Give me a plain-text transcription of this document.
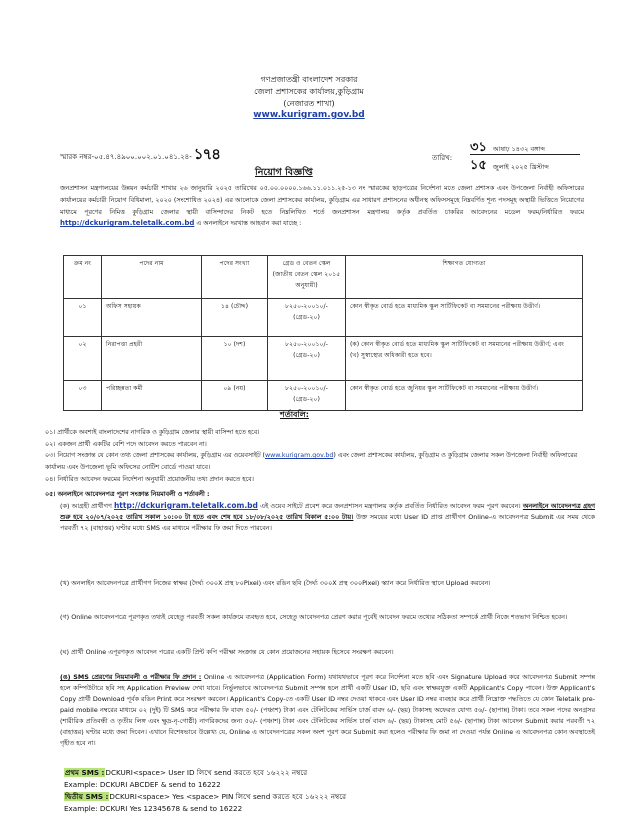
গণপ্রজাতন্ত্রী বাংলাদেশ সরকার
জেলা প্রশাসকের কার্যালয়,কুড়িগ্রাম
(নেজারত শাখা)
www.kurigram.gov.bd
স্মারক নম্বর-০৫.৪৭.৪৯০০.০০২.০১.০৪১.২৪- ১৭৪	তারিখ:
৩১ আষাঢ় ১৪৩২ বঙ্গাব্দ
১৫ জুলাই ২০২৫ খ্রিস্টাব্দ
নিয়োগ বিজ্ঞপ্তি
জনপ্রশাসন মন্ত্রণালয়ের উন্নয়ন কর্মচারী শাখার ২৬ জানুয়ারি ২০২৫ তারিখের ০৫.০০.০০০০.১৬৬.১১.০১১.২৫-১৩ নং স্মারকের ছাড়পত্রের নির্দেশনা মতে জেলা প্রশাসক এবং উপজেলা নির্বাহী অফিসারের কার্যালয়ের কর্মচারী নিয়োগ বিধিমালা, ২০২০ (সংশোধিত ২০২৪) এর আলোকে জেলা প্রশাসকের কার্যালয়, কুড়িগ্রাম এর সাধারণ প্রশাসনের অধীনস্থ অফিসসমূহে নিম্নবর্ণিত শূন্য পদসমূহ অস্থায়ী ভিত্তিতে নিয়োগের মাধ্যমে পূরণের নিমিত্ত কুড়িগ্রাম জেলার স্থায়ী বাসিন্দাদের নিকট হতে নিম্নলিখিত শর্তে জনপ্রশাসন মন্ত্রণালয় কর্তৃক প্রবর্তিত চাকরির আবেদনের মডেল ফরম/নির্ধারিত ফরমে http://dckurigram.teletalk.com.bd এ অনলাইনে দরখাস্ত আহবান করা যাচ্ছে :
ক্রম নং	পদের নাম	পদের সংখ্যা	গ্রেড ও বেতন স্কেল (জাতীয় বেতন স্কেল ২০১৫ অনুযায়ী)	শিক্ষাগত যোগ্যতা
০১	অফিস সহায়ক	১৪ (চৌদ্দ)	৮২৫০-২০০১০/- (গ্রেড-২০)	কোন স্বীকৃত বোর্ড হতে মাধ্যমিক স্কুল সার্টিফিকেট বা সমমানের পরীক্ষায় উত্তীর্ণ।
০২	নিরাপত্তা প্রহরী	১০ (দশ)	৮২৫০-২০০১০/- (গ্রেড-২০)	(ক) কোন স্বীকৃত বোর্ড হতে মাধ্যমিক স্কুল সার্টিফিকেট বা সমমানের পরীক্ষায় উত্তীর্ণ; এবং
(খ) সুস্বাস্থ্যের অধিকারী হতে হবে।

০৩	পরিচ্ছন্নতা কর্মী	০৯ (নয়)	৮২৫০-২০০১০/- (গ্রেড-২০)	কোন স্বীকৃত বোর্ড হতে জুনিয়র স্কুল সার্টিফিকেট বা সমমানের পরীক্ষায় উত্তীর্ণ।
শর্তাবলি:
০১। প্রার্থীকে অবশ্যই বাংলাদেশের নাগরিক ও কুড়িগ্রাম জেলার স্থায়ী বাসিন্দা হতে হবে।
০২। একজন প্রার্থী একটির বেশি পদে আবেদন করতে পারবেন না।
০৩। নিয়োগ সংক্রান্ত যে কোন তথ্য জেলা প্রশাসকের কার্যালয়, কুড়িগ্রাম এর ওয়েবসাইট (www.kurigram.gov.bd) এবং জেলা প্রশাসকের কার্যালয়, কুড়িগ্রাম ও কুড়িগ্রাম জেলার সকল উপজেলা নির্বাহী অফিসারের কার্যালয় এবং উপজেলা ভূমি অফিসের নোটিশ বোর্ডে পাওয়া যাবে।
০৪। নির্ধারিত আবেদন ফরমের নির্দেশনা অনুযায়ী প্রয়োজনীয় তথ্য প্রদান করতে হবে।
০৫। অনলাইনে আবেদনপত্র পূরণ সংক্রান্ত নিয়মাবলী ও শর্তাবলী :
(ক) আগ্রহী প্রার্থীগণ http://dckurigram.teletalk.com.bd এই ওয়েব সাইটে প্রবেশ করে জনপ্রশাসন মন্ত্রণালয় কর্তৃক প্রবর্তিত নির্ধারিত আবেদন ফরম পূরণ করবেন। অনলাইনে আবেদনপত্র গ্রহণ শুরু হবে ২০/০৭/২০২৫ তারিখ সকাল ১০:০০ টা হতে এবং শেষ হবে ১৮/০৮/২০২৫ তারিখ বিকাল ৫:০০ টায়। উক্ত সময়ের মধ্যে User ID প্রাপ্ত প্রার্থীগণ Online-এ আবেদনপত্র Submit এর সময় থেকে পরবর্তী ৭২ (বাহাত্তর) ঘণ্টার মধ্যে SMS এর মাধ্যমে পরীক্ষার ফি জমা দিতে পারবেন।
(খ) অনলাইন আবেদনপত্রে প্রার্থীগণ নিজের স্বাক্ষর (দৈর্ঘ্য ৩০০X প্রস্থ ৮০Pixel) এবং রঙিন ছবি (দৈর্ঘ্য ৩০০X প্রস্থ ৩০০Pixel) স্ক্যান করে নির্ধারিত স্থানে Upload করবেন।
(গ) Online আবেদনপত্রে পূরণকৃত তথ্যই যেহেতু পরবর্তী সকল কার্যক্রমে ব্যবহৃত হবে, সেহেতু আবেদনপত্র প্রেরণ করার পূর্বেই আবেদন ফরমে তথ্যের সঠিকতা সম্পর্কে প্রার্থী নিজে শতভাগ নিশ্চিত হবেন।
(ঘ) প্রার্থী Online এপূরণকৃত আবেদন পত্রের একটি প্রিন্ট কপি পরীক্ষা সংক্রান্ত যে কোন প্রয়োজনের সহায়ক হিসেবে সংরক্ষণ করবেন।
(ঙ) SMS প্রেরণের নিয়মাবলী ও পরীক্ষার ফি প্রদান : Online এ আবেদনপত্র (Application Form) যথাযথভাবে পূরণ করে নির্দেশনা মতে ছবি এবং Signature Upload করে আবেদনপত্র Submit সম্পন্ন হলে কম্পিউটারে ছবি সহ Application Preview দেখা যাবে। নির্ভুলভাবে আবেদনপত্র Submit সম্পন্ন হলে প্রার্থী একটি User ID, ছবি এবং স্বাক্ষরযুক্ত একটি Applicant's Copy পাবেন। উক্ত Applicant's Copy প্রার্থী Download পূর্বক রঙিন Print করে সংরক্ষণ করবেন। Applicant's Copy-তে একটি User ID নম্বর দেওয়া থাকবে এবং User ID নম্বর ব্যবহার করে প্রার্থী নিম্নোক্ত পদ্ধতিতে যে কোন Teletalk pre-paid mobile নম্বরের মাধ্যমে ০২ (দুই) টি SMS করে পরীক্ষার ফি বাবদ ৫০/- (পঞ্চাশ) টাকা এবং টেলিটকের সার্ভিস চার্জ বাবদ ৬/- (ছয়) টাকাসহ অফেরত যোগ্য ৫৬/- (ছাপান্ন) টাকা। তবে সকল পদের অনগ্রসর (শারীরিক প্রতিবন্ধী ও তৃতীয় লিঙ্গ এবং ক্ষুদ্র-নৃ-গোষ্ঠী) নাগরিকদের জন্য ৫০/- (পঞ্চাশ) টাকা এবং টেলিটকের সার্ভিস চার্জ বাবদ ৬/- (ছয়) টাকাসহ মোট ৫৬/- (ছাপান্ন) টাকা আবেদন Submit করার পরবর্তী ৭২ (বাহাত্তর) ঘণ্টার মধ্যে জমা দিবেন। এখানে বিশেষভাবে উল্লেখ্য যে, Online এ আবেদনপত্রের সকল অংশ পূরণ করে Submit করা হলেও পরীক্ষার ফি জমা না দেওয়া পর্যন্ত Online এ আবেদনপত্র কোন অবস্থাতেই গৃহীত হবে না।
প্রথম SMS :DCKURI<space> User ID লিখে send করতে হবে ১৬২২২ নম্বরে
Example: DCKURI ABCDEF & send to 16222
দ্বিতীয় SMS :DCKURI<space> Yes <space> PIN লিখে send করতে হবে ১৬২২২ নম্বরে
Example: DCKURI Yes 12345678 & send to 16222
